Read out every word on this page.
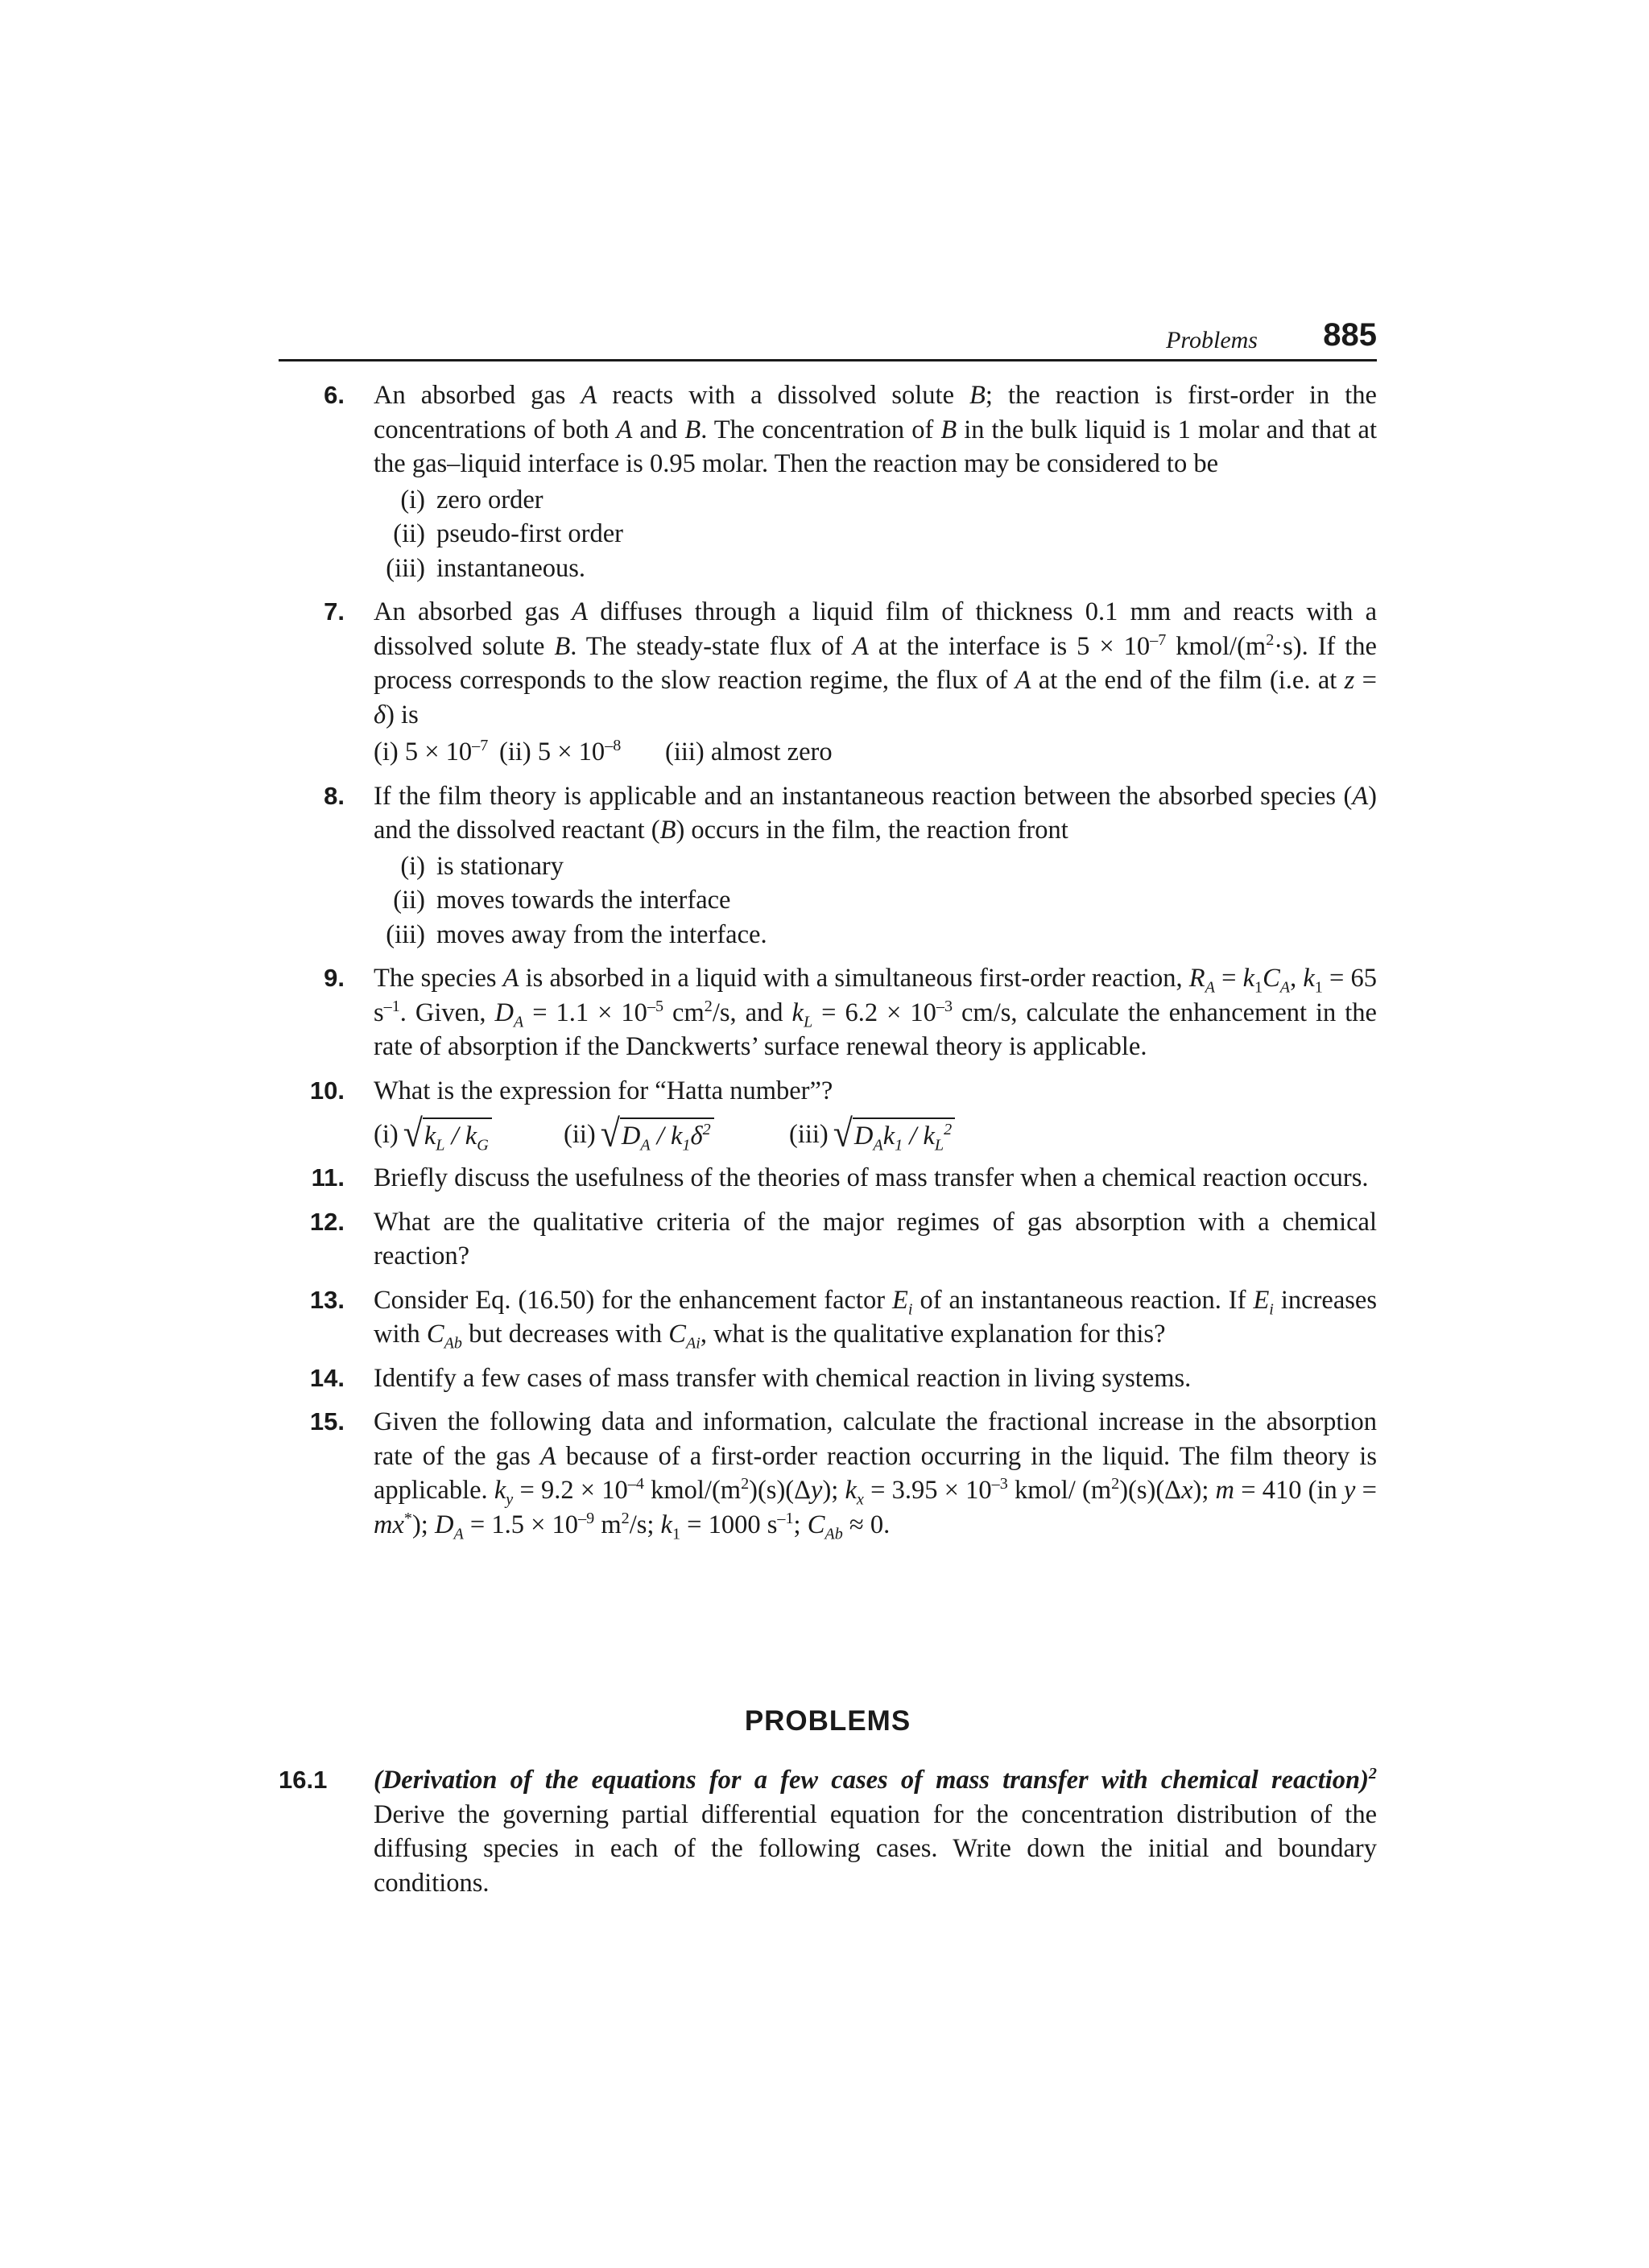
Problems 885
6. An absorbed gas A reacts with a dissolved solute B; the reaction is first-order in the concentrations of both A and B. The concentration of B in the bulk liquid is 1 molar and that at the gas–liquid interface is 0.95 molar. Then the reaction may be considered to be
(i) zero order
(ii) pseudo-first order
(iii) instantaneous.
7. An absorbed gas A diffuses through a liquid film of thickness 0.1 mm and reacts with a dissolved solute B. The steady-state flux of A at the interface is $5 \times 10^{-7}$ kmol/$(m^2\cdot s)$. If the process corresponds to the slow reaction regime, the flux of A at the end of the film (i.e. at z = δ) is
(i) $5 \times 10^{-7}$ (ii) $5 \times 10^{-8}$	(iii) almost zero
8. If the film theory is applicable and an instantaneous reaction between the absorbed species (A) and the dissolved reactant (B) occurs in the film, the reaction front
(i) is stationary
(ii) moves towards the interface
(iii) moves away from the interface.
9. The species A is absorbed in a liquid with a simultaneous first-order reaction, $R_A = k_1C_A$, $k_1 = 65$ $s^{-1}$. Given, $D_A = 1.1 \times 10^{-5}$ $cm^2/s$, and $k_L = 6.2 \times 10^{-3}$ cm/s, calculate the enhancement in the rate of absorption if the Danckwerts’ surface renewal theory is applicable.
10. What is the expression for “Hatta number”?
(i) √ $k_L / k_G$	(ii) √ $D_A / k_1\delta^2$	(iii) √ $D_Ak_1 / k_L^2$
11. Briefly discuss the usefulness of the theories of mass transfer when a chemical reaction occurs.
12. What are the qualitative criteria of the major regimes of gas absorption with a chemical reaction?
13. Consider Eq. (16.50) for the enhancement factor $E_i$ of an instantaneous reaction. If $E_i$ increases with $C_{Ab}$ but decreases with $C_{Ai}$, what is the qualitative explanation for this?
14. Identify a few cases of mass transfer with chemical reaction in living systems.
15. Given the following data and information, calculate the fractional increase in the absorption rate of the gas A because of a first-order reaction occurring in the liquid. The film theory is applicable. $k_y = 9.2 \times 10^{-4}$ kmol/$(m^2)(s)(\Delta y)$; $k_x = 3.95 \times 10^{-3}$ kmol/ $(m^2)(s)(\Delta x)$; m = 410 (in y = mx*); $D_A = 1.5 \times 10^{-9}$ $m^2/s$; $k_1 = 1000$ $s^{-1}$; $C_{Ab} \approx 0$.
PROBLEMS
16.1 (Derivation of the equations for a few cases of mass transfer with chemical reaction)$^2$ Derive the governing partial differential equation for the concentration distribution of the diffusing species in each of the following cases. Write down the initial and boundary conditions.
